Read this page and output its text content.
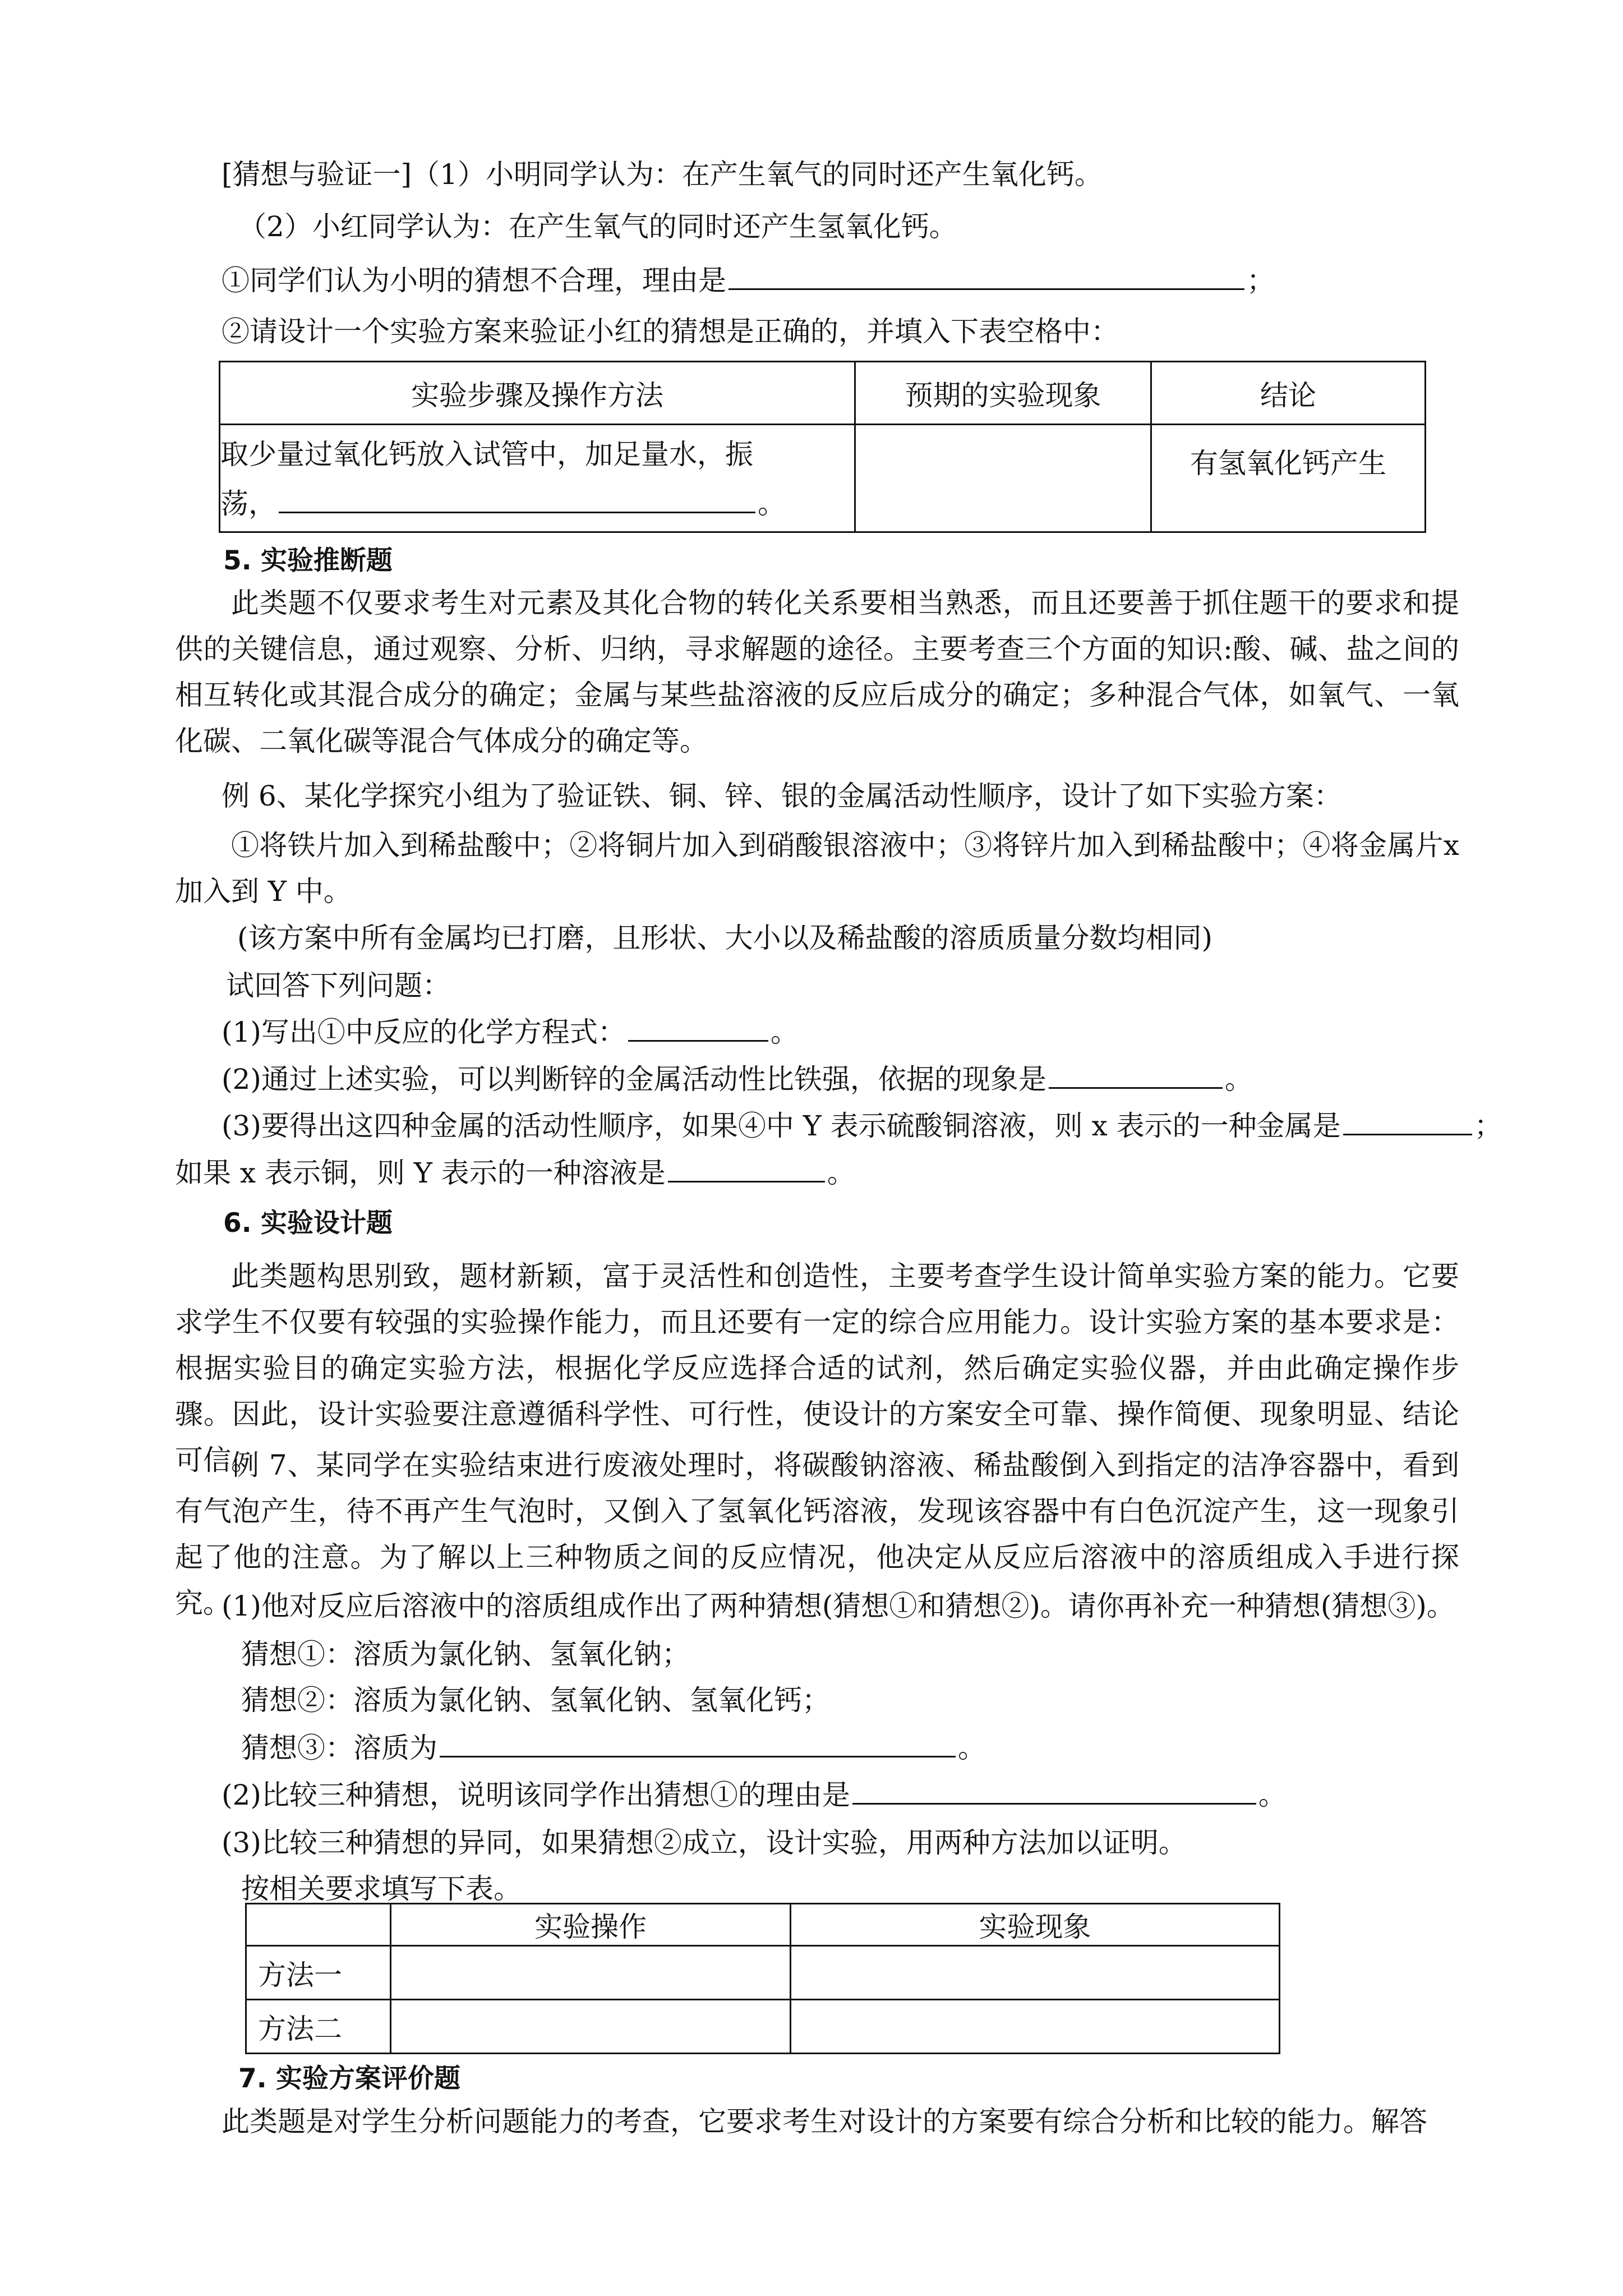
[猜想与验证一]（1）小明同学认为：在产生氧气的同时还产生氧化钙。
（2）小红同学认为：在产生氧气的同时还产生氢氧化钙。
①同学们认为小明的猜想不合理，理由是	；
②请设计一个实验方案来验证小红的猜想是正确的，并填入下表空格中：
实验步骤及操作方法	预期的实验现象	结论

取少量过氧化钙放入试管中，加足量水，振
荡， 。		有氢氧化钙产生
5. 实验推断题
此类题不仅要求考生对元素及其化合物的转化关系要相当熟悉，而且还要善于抓住题干的要求和提供的关键信息，通过观察、分析、归纳，寻求解题的途径。主要考查三个方面的知识:酸、碱、盐之间的相互转化或其混合成分的确定；金属与某些盐溶液的反应后成分的确定；多种混合气体，如氧气、一氧化碳、二氧化碳等混合气体成分的确定等。
例 6、某化学探究小组为了验证铁、铜、锌、银的金属活动性顺序，设计了如下实验方案：
①将铁片加入到稀盐酸中；②将铜片加入到硝酸银溶液中；③将锌片加入到稀盐酸中；④将金属片x 加入到 Y 中。
(该方案中所有金属均已打磨，且形状、大小以及稀盐酸的溶质质量分数均相同)
试回答下列问题：
(1)写出①中反应的化学方程式：	。
(2)通过上述实验，可以判断锌的金属活动性比铁强，依据的现象是	。
(3)要得出这四种金属的活动性顺序，如果④中 Y 表示硫酸铜溶液，则 x 表示的一种金属是	；
如果 x 表示铜，则 Y 表示的一种溶液是	。
6. 实验设计题
此类题构思别致，题材新颖，富于灵活性和创造性，主要考查学生设计简单实验方案的能力。它要求学生不仅要有较强的实验操作能力，而且还要有一定的综合应用能力。设计实验方案的基本要求是：根据实验目的确定实验方法，根据化学反应选择合适的试剂，然后确定实验仪器，并由此确定操作步骤。因此，设计实验要注意遵循科学性、可行性，使设计的方案安全可靠、操作简便、现象明显、结论可信。
例 7、某同学在实验结束进行废液处理时，将碳酸钠溶液、稀盐酸倒入到指定的洁净容器中，看到有气泡产生，待不再产生气泡时，又倒入了氢氧化钙溶液，发现该容器中有白色沉淀产生，这一现象引起了他的注意。为了解以上三种物质之间的反应情况，他决定从反应后溶液中的溶质组成入手进行探究。
(1)他对反应后溶液中的溶质组成作出了两种猜想(猜想①和猜想②)。请你再补充一种猜想(猜想③)。
猜想①：溶质为氯化钠、氢氧化钠；
猜想②：溶质为氯化钠、氢氧化钠、氢氧化钙；
猜想③：溶质为	。
(2)比较三种猜想，说明该同学作出猜想①的理由是	。
(3)比较三种猜想的异同，如果猜想②成立，设计实验，用两种方法加以证明。
按相关要求填写下表。
	实验操作	实验现象
方法一		
方法二		
7. 实验方案评价题
此类题是对学生分析问题能力的考查，它要求考生对设计的方案要有综合分析和比较的能力。解答
